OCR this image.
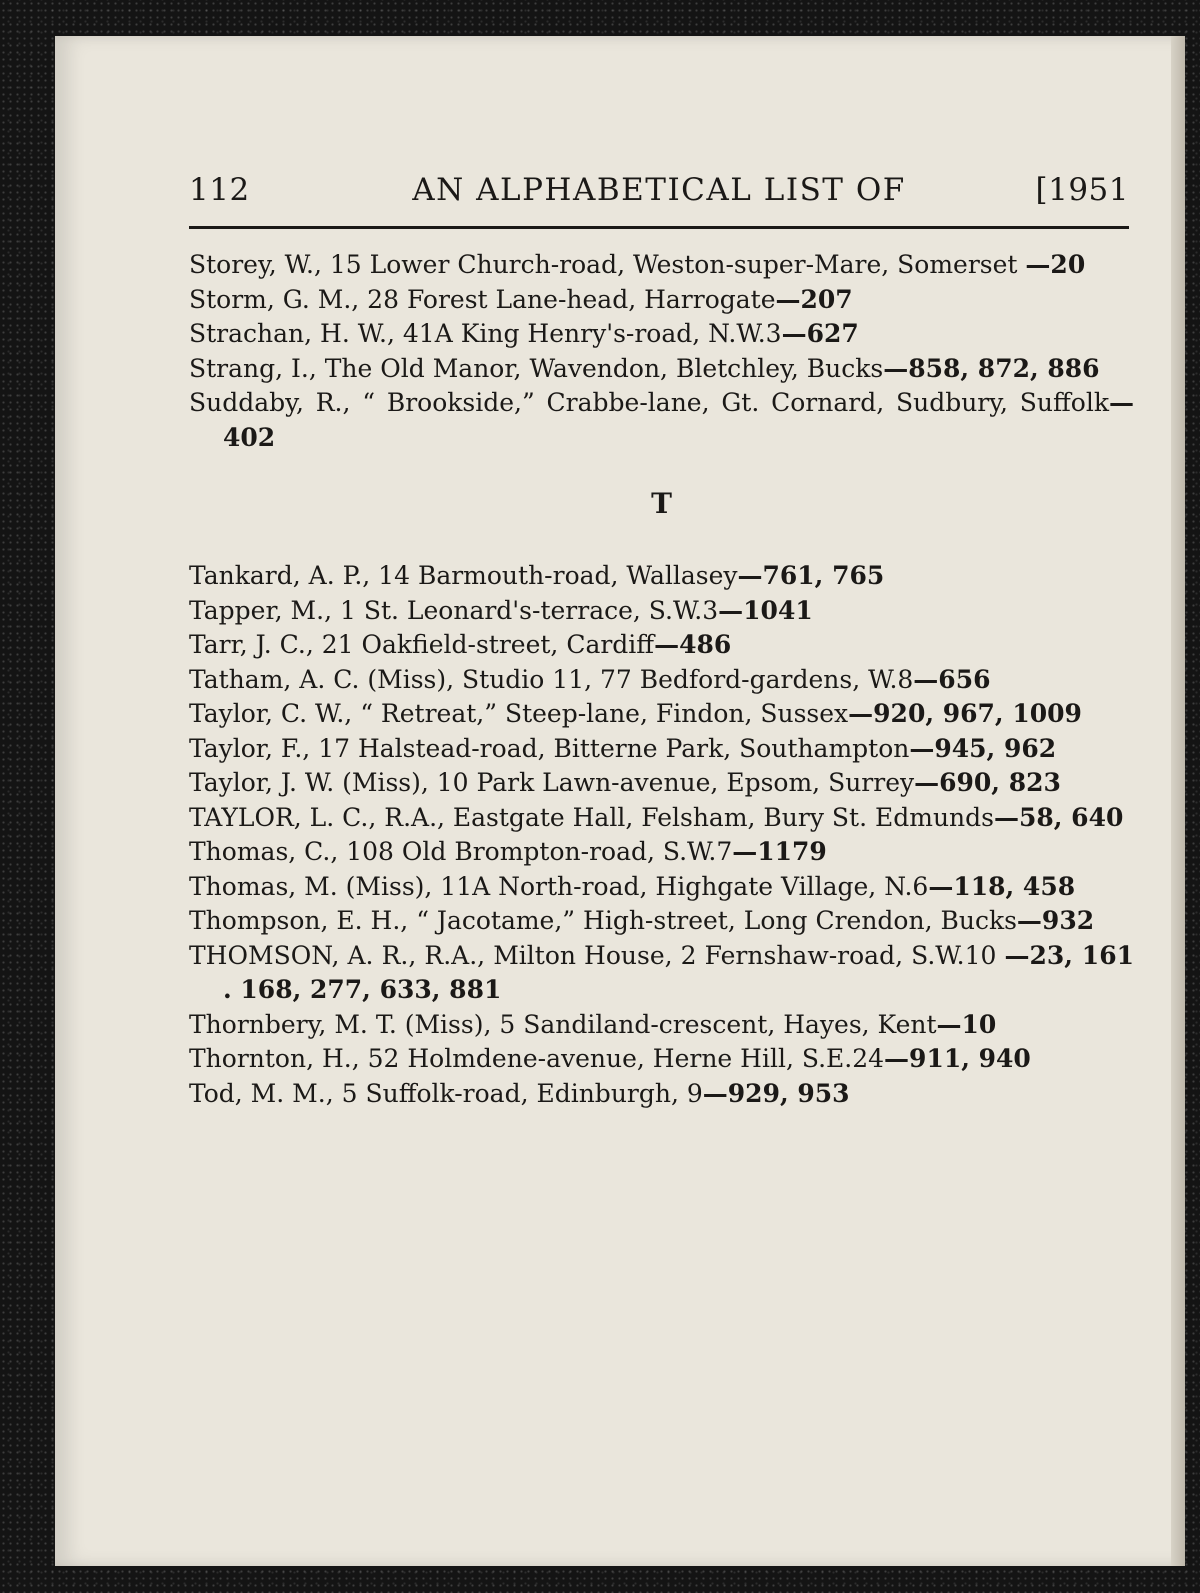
112	AN ALPHABETICAL LIST OF	[1951
Storey, W., 15 Lower Church-road, Weston-super-Mare, Somerset —20
Storm, G. M., 28 Forest Lane-head, Harrogate—207
Strachan, H. W., 41A King Henry's-road, N.W.3—627
Strang, I., The Old Manor, Wavendon, Bletchley, Bucks—858, 872, 886
Suddaby, R., “ Brookside,” Crabbe-lane, Gt. Cornard, Sudbury, Suffolk—402
T
Tankard, A. P., 14 Barmouth-road, Wallasey—761, 765
Tapper, M., 1 St. Leonard's-terrace, S.W.3—1041
Tarr, J. C., 21 Oakfield-street, Cardiff—486
Tatham, A. C. (Miss), Studio 11, 77 Bedford-gardens, W.8—656
Taylor, C. W., “ Retreat,” Steep-lane, Findon, Sussex—920, 967, 1009
Taylor, F., 17 Halstead-road, Bitterne Park, Southampton—945, 962
Taylor, J. W. (Miss), 10 Park Lawn-avenue, Epsom, Surrey—690, 823
TAYLOR, L. C., R.A., Eastgate Hall, Felsham, Bury St. Edmunds—58, 640
Thomas, C., 108 Old Brompton-road, S.W.7—1179
Thomas, M. (Miss), 11A North-road, Highgate Village, N.6—118, 458
Thompson, E. H., “ Jacotame,” High-street, Long Crendon, Bucks—932
THOMSON, A. R., R.A., Milton House, 2 Fernshaw-road, S.W.10 —23, 161 . 168, 277, 633, 881
Thornbery, M. T. (Miss), 5 Sandiland-crescent, Hayes, Kent—10
Thornton, H., 52 Holmdene-avenue, Herne Hill, S.E.24—911, 940
Tod, M. M., 5 Suffolk-road, Edinburgh, 9—929, 953
